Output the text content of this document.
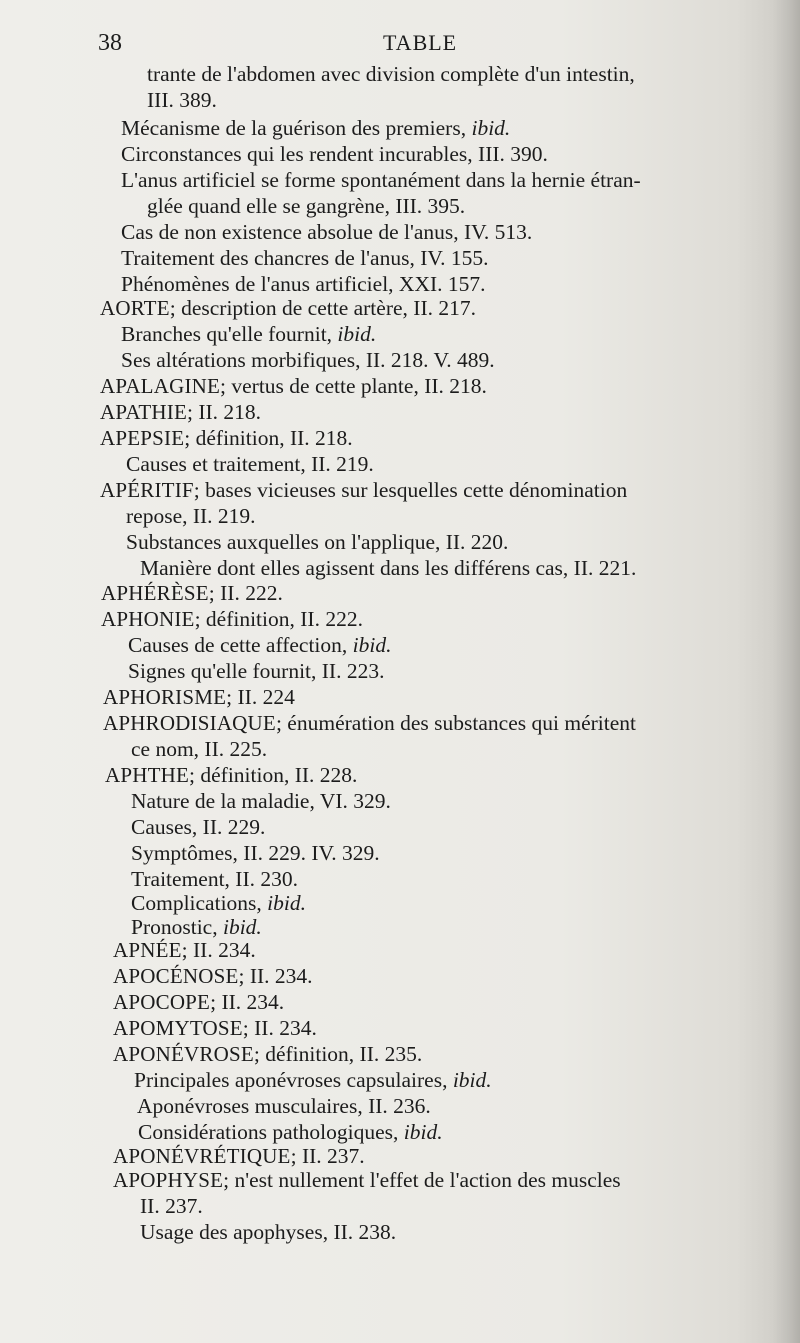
38	TABLE
trante de l'abdomen avec division complète d'un intestin,
III. 389.
Mécanisme de la guérison des premiers, ibid.
Circonstances qui les rendent incurables, III. 390.
L'anus artificiel se forme spontanément dans la hernie étran-
glée quand elle se gangrène, III. 395.
Cas de non existence absolue de l'anus, IV. 513.
Traitement des chancres de l'anus, IV. 155.
Phénomènes de l'anus artificiel, XXI. 157.
AORTE; description de cette artère, II. 217.
Branches qu'elle fournit, ibid.
Ses altérations morbifiques, II. 218. V. 489.
APALAGINE; vertus de cette plante, II. 218.
APATHIE; II. 218.
APEPSIE; définition, II. 218.
Causes et traitement, II. 219.
APÉRITIF; bases vicieuses sur lesquelles cette dénomination
repose, II. 219.
Substances auxquelles on l'applique, II. 220.
Manière dont elles agissent dans les différens cas, II. 221.
APHÉRÈSE; II. 222.
APHONIE; définition, II. 222.
Causes de cette affection, ibid.
Signes qu'elle fournit, II. 223.
APHORISME; II. 224
APHRODISIAQUE; énumération des substances qui méritent
ce nom, II. 225.
APHTHE; définition, II. 228.
Nature de la maladie, VI. 329.
Causes, II. 229.
Symptômes, II. 229. IV. 329.
Traitement, II. 230.
Complications, ibid.
Pronostic, ibid.
APNÉE; II. 234.
APOCÉNOSE; II. 234.
APOCOPE; II. 234.
APOMYTOSE; II. 234.
APONÉVROSE; définition, II. 235.
Principales aponévroses capsulaires, ibid.
Aponévroses musculaires, II. 236.
Considérations pathologiques, ibid.
APONÉVRÉTIQUE; II. 237.
APOPHYSE; n'est nullement l'effet de l'action des muscles
II. 237.
Usage des apophyses, II. 238.
